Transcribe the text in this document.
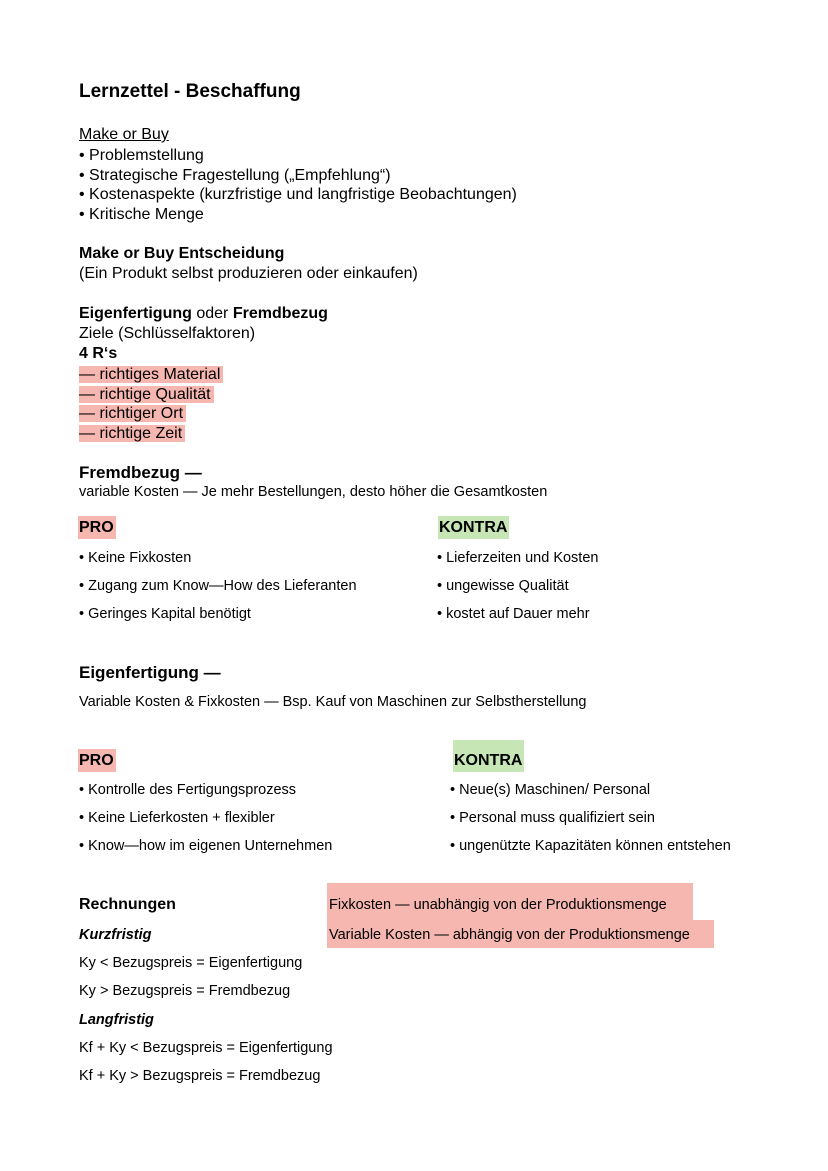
Lernzettel - Beschaffung
Make or Buy
• Problemstellung
• Strategische Fragestellung („Empfehlung“)
• Kostenaspekte (kurzfristige und langfristige Beobachtungen)
• Kritische Menge
Make or Buy Entscheidung
(Ein Produkt selbst produzieren oder einkaufen)
Eigenfertigung oder Fremdbezug
Ziele (Schlüsselfaktoren)
4 R‘s
— richtiges Material
— richtige Qualität
— richtiger Ort
— richtige Zeit
Fremdbezug —
variable Kosten — Je mehr Bestellungen, desto höher die Gesamtkosten
PRO
• Keine Fixkosten
• Zugang zum Know—How des Lieferanten
• Geringes Kapital benötigt
KONTRA
• Lieferzeiten und Kosten
• ungewisse Qualität
• kostet auf Dauer mehr
Eigenfertigung —
Variable Kosten & Fixkosten — Bsp. Kauf von Maschinen zur Selbstherstellung
PRO
• Kontrolle des Fertigungsprozess
• Keine Lieferkosten + flexibler
• Know—how im eigenen Unternehmen
KONTRA
• Neue(s) Maschinen/ Personal
• Personal muss qualifiziert sein
• ungenützte Kapazitäten können entstehen
Rechnungen
Kurzfristig
Ky < Bezugspreis = Eigenfertigung
Ky > Bezugspreis = Fremdbezug
Langfristig
Kf + Ky < Bezugspreis = Eigenfertigung
Kf + Ky > Bezugspreis = Fremdbezug
Fixkosten — unabhängig von der Produktionsmenge
Variable Kosten — abhängig von der Produktionsmenge
